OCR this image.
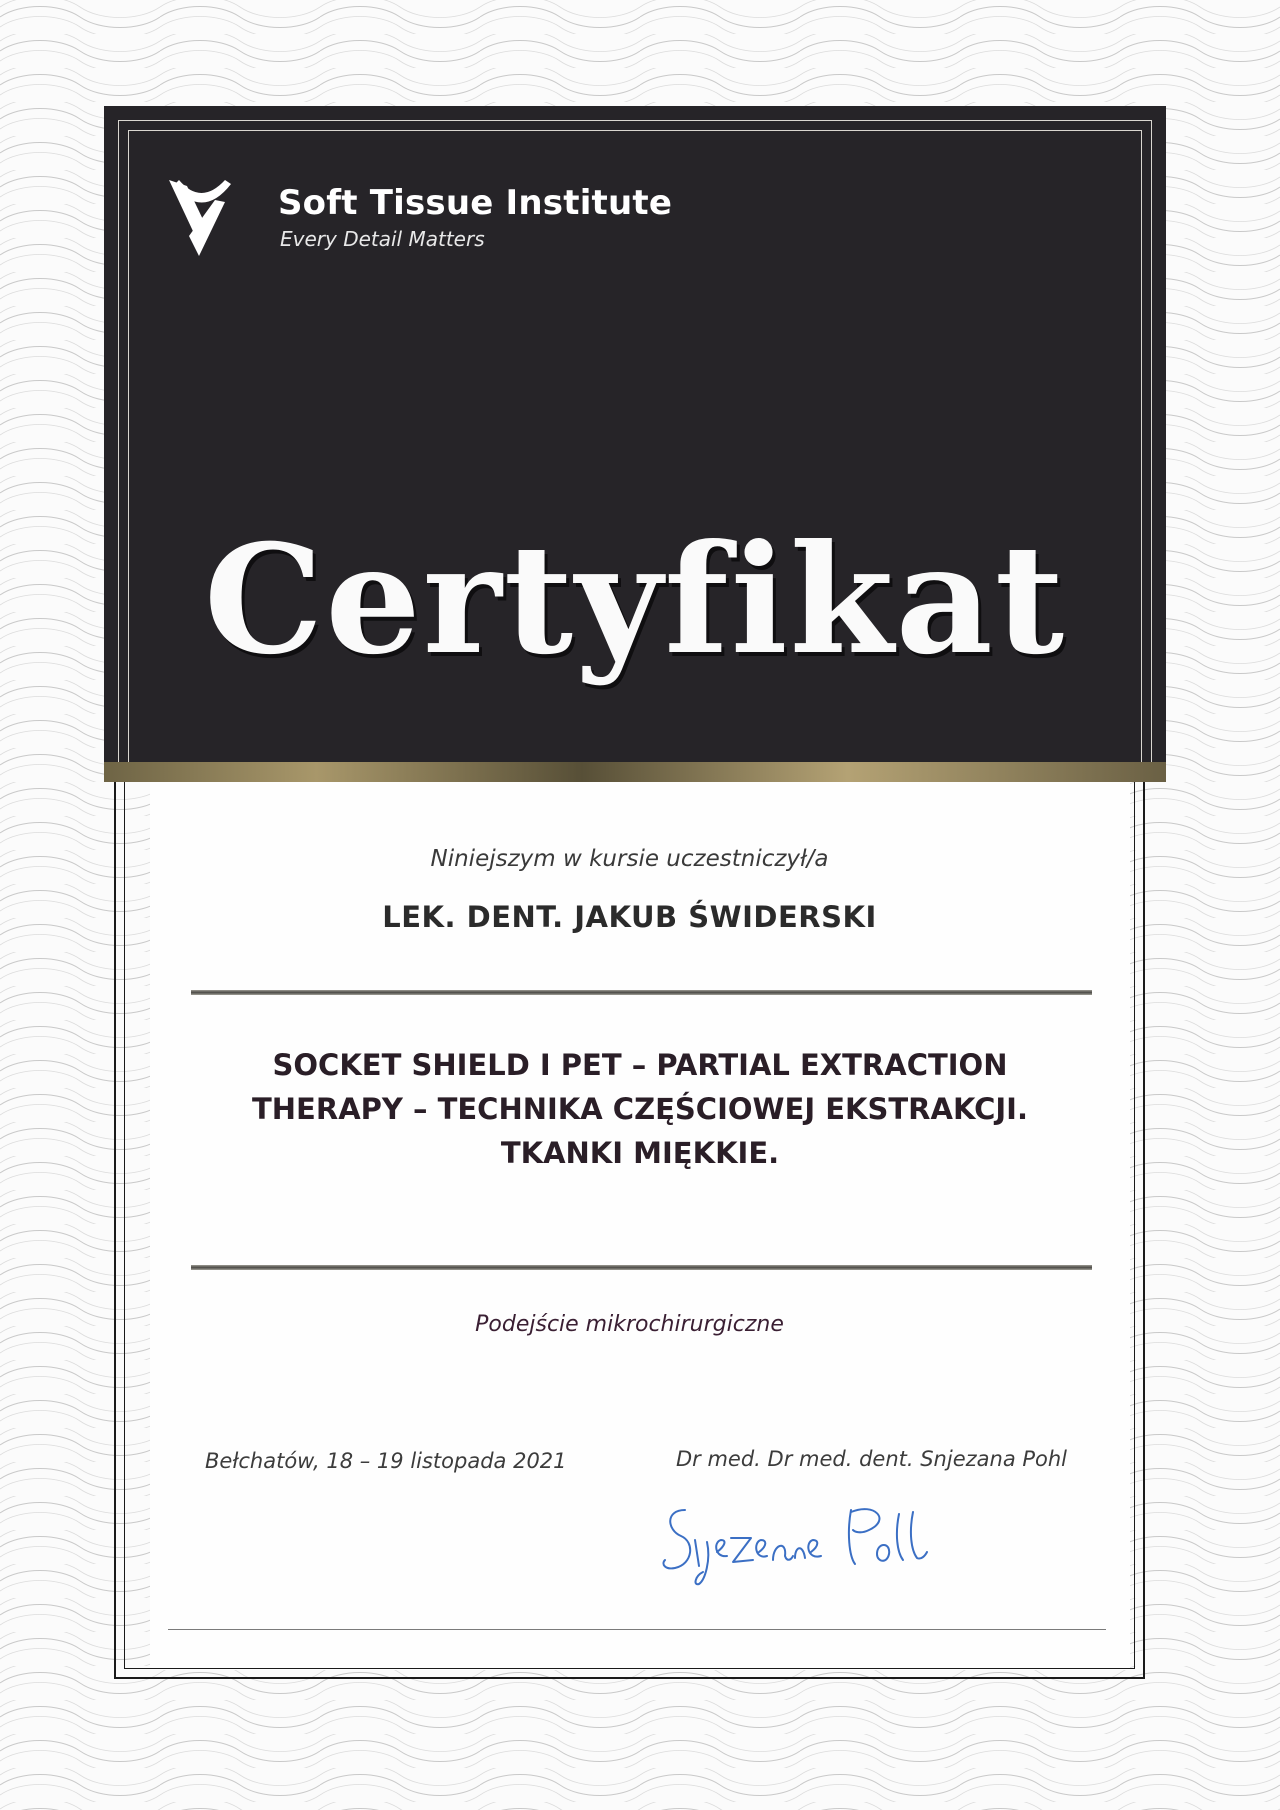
Soft Tissue Institute
Every Detail Matters
Certyfikat
Niniejszym w kursie uczestniczył/a
LEK. DENT. JAKUB ŚWIDERSKI
SOCKET SHIELD I PET – PARTIAL EXTRACTION
THERAPY – TECHNIKA CZĘŚCIOWEJ EKSTRAKCJI.
TKANKI MIĘKKIE.
Podejście mikrochirurgiczne
Bełchatów, 18 – 19 listopada 2021	Dr med. Dr med. dent. Snjezana Pohl
